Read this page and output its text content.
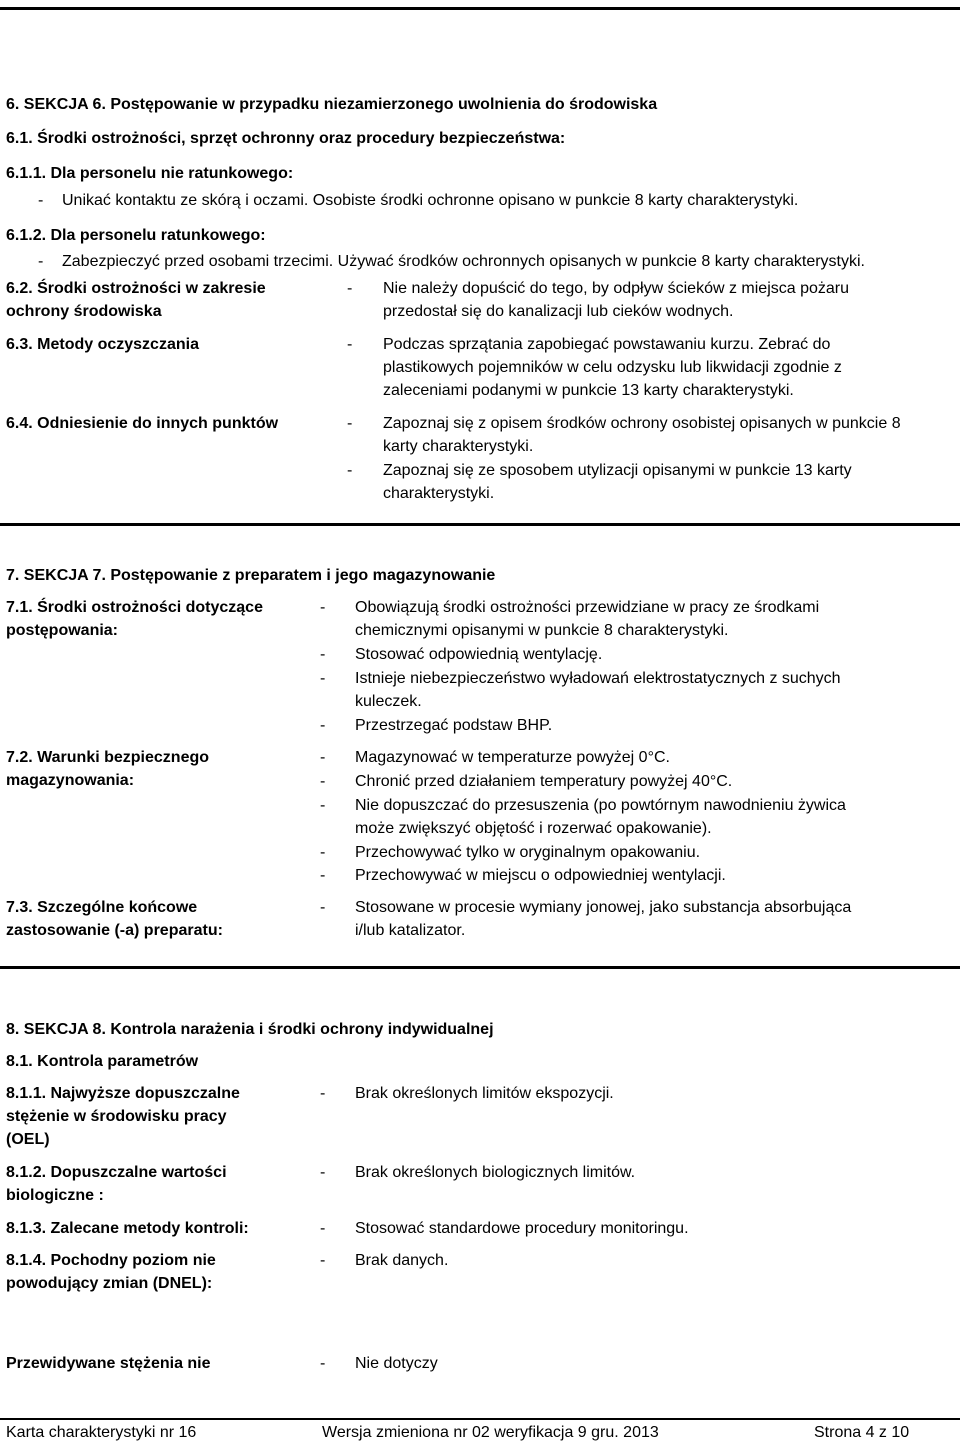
6. SEKCJA 6. Postępowanie w przypadku niezamierzonego uwolnienia do środowiska
6.1. Środki ostrożności, sprzęt ochronny oraz procedury bezpieczeństwa:
6.1.1. Dla personelu nie ratunkowego:
- Unikać kontaktu ze skórą i oczami. Osobiste środki ochronne opisano w punkcie 8 karty charakterystyki.
6.1.2. Dla personelu ratunkowego:
- Zabezpieczyć przed osobami trzecimi. Używać środków ochronnych opisanych w punkcie 8 karty charakterystyki.
6.2. Środki ostrożności w zakresie
ochrony środowiska
- Nie należy dopuścić do tego, by odpływ ścieków z miejsca pożaru
przedostał się do kanalizacji lub cieków wodnych.
6.3. Metody oczyszczania	- Podczas sprzątania zapobiegać powstawaniu kurzu. Zebrać do
plastikowych pojemników w celu odzysku lub likwidacji zgodnie z
zaleceniami podanymi w punkcie 13 karty charakterystyki.
6.4. Odniesienie do innych punktów	- Zapoznaj się z opisem środków ochrony osobistej opisanych w punkcie 8
karty charakterystyki.
- Zapoznaj się ze sposobem utylizacji opisanymi w punkcie 13 karty
charakterystyki.
7. SEKCJA 7. Postępowanie z preparatem i jego magazynowanie
7.1. Środki ostrożności dotyczące
postępowania:
- Obowiązują środki ostrożności przewidziane w pracy ze środkami
chemicznymi opisanymi w punkcie 8 charakterystyki.
- Stosować odpowiednią wentylację.
- Istnieje niebezpieczeństwo wyładowań elektrostatycznych z suchych
kuleczek.
- Przestrzegać podstaw BHP.
7.2. Warunki bezpiecznego
magazynowania:
- Magazynować w temperaturze powyżej 0°C.
- Chronić przed działaniem temperatury powyżej 40°C.
- Nie dopuszczać do przesuszenia (po powtórnym nawodnieniu żywica
może zwiększyć objętość i rozerwać opakowanie).
- Przechowywać tylko w oryginalnym opakowaniu.
- Przechowywać w miejscu o odpowiedniej wentylacji.
7.3. Szczególne końcowe
zastosowanie (-a) preparatu:
- Stosowane w procesie wymiany jonowej, jako substancja absorbująca
i/lub katalizator.
8. SEKCJA 8. Kontrola narażenia i środki ochrony indywidualnej
8.1. Kontrola parametrów
8.1.1. Najwyższe dopuszczalne
stężenie w środowisku pracy
(OEL)
- Brak określonych limitów ekspozycji.
8.1.2. Dopuszczalne wartości
biologiczne :
- Brak określonych biologicznych limitów.
8.1.3. Zalecane metody kontroli:	- Stosować standardowe procedury monitoringu.
8.1.4. Pochodny poziom nie
powodujący zmian (DNEL):
- Brak danych.
Przewidywane stężenia nie	- Nie dotyczy
Karta charakterystyki nr 16	Wersja zmieniona nr 02 weryfikacja 9 gru. 2013	Strona 4 z 10
